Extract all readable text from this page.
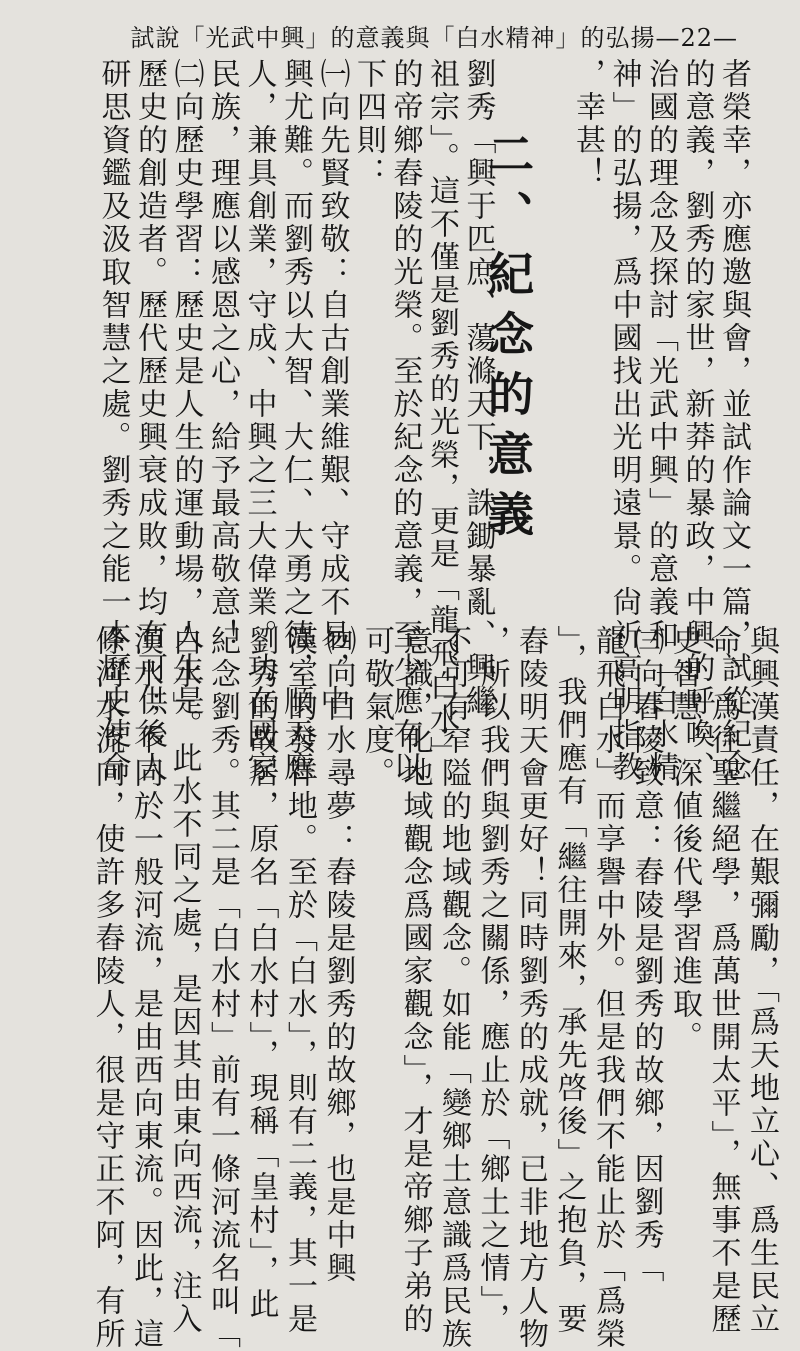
試說「光武中興」的意義與「白水精神」的弘揚—22—
者榮幸，亦應邀與會，並試作論文一篇，試從紀念
的意義，劉秀的家世，新莽的暴政，中興的呼喚、
治國的理念及探討「光武中興」的意義和「白水精
神」的弘揚，爲中國找出光明遠景。尙祈高明指教
，幸甚！
劉秀「興于匹庶、蕩滌天下，誅鋤暴亂、興繼
祖宗」。這不僅是劉秀的光榮，更是「龍飛白水」
的帝鄉舂陵的光榮。至於紀念的意義，至少應有以
下四則：
㈠向先賢致敬：自古創業維艱、守成不易，中
興尤難。而劉秀以大智、大仁、大勇之德，順天應
人，兼具創業，守成、中興之三大偉業。功在國家
民族，理應以感恩之心，給予最高敬意！
㈡向歷史學習：歷史是人生的運動場，人生是
歷史的創造者。歷代歷史興衰成敗，均有可供後人
研思資鑑及汲取智慧之處。劉秀之能一本歷史使命	二、紀念的意義
與興漢責任，在艱彌勵，「爲天地立心、爲生民立
命、爲往聖繼絕學，爲萬世開太平」，無事不是歷
史智慧，深値後代學習進取。
㈢向舂陵致意：舂陵是劉秀的故鄉，因劉秀「
龍飛白水」而享譽中外。但是我們不能止於「爲榮
」，我們應有「繼往開來，承先啓後」之抱負，要
舂陵明天會更好！同時劉秀的成就，已非地方人物
，所以我們與劉秀之關係，應止於「鄉土之情」，
不可有窄隘的地域觀念。如能「變鄉土意識爲民族
意識，化地域觀念爲國家觀念」，才是帝鄉子弟的
可敬氣度。
㈣向白水尋夢：舂陵是劉秀的故鄉，也是中興
漢室的發祥地。至於「白水」，則有二義，其一是
劉秀的故居，原名「白水村」，現稱「皇村」，此
紀念劉秀。其二是「白水村」前有一條河流名叫「
白水」。此水不同之處，是因其由東向西流，注入
漢水；不同於一般河流，是由西向東流。因此，這
條河水流向，使許多舂陵人，很是守正不阿，有所
